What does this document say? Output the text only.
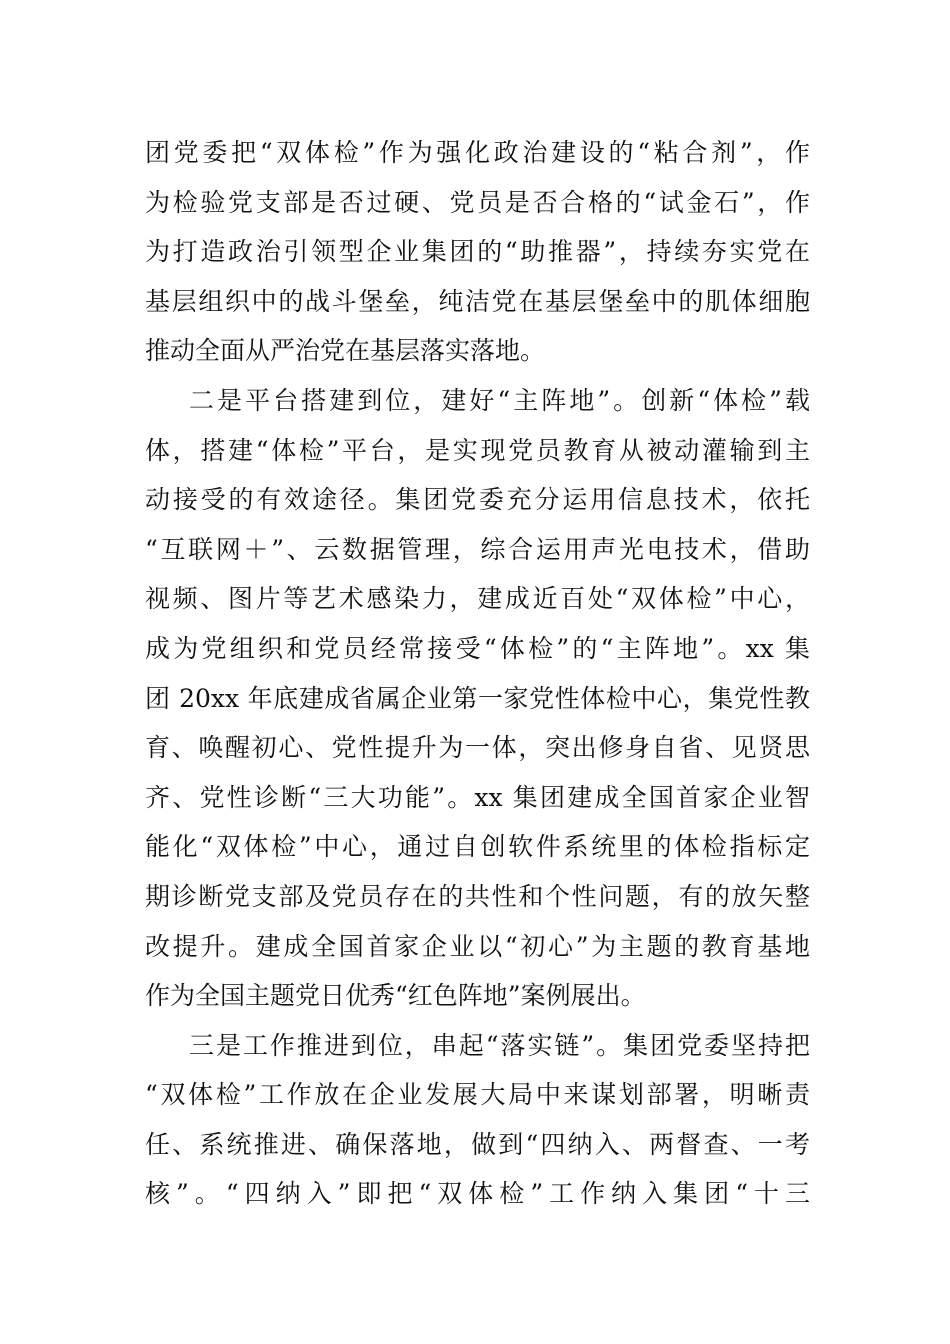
团党委把“双体检”作为强化政治建设的“粘合剂”，作
为检验党支部是否过硬、党员是否合格的“试金石”，作
为打造政治引领型企业集团的“助推器”，持续夯实党在
基层组织中的战斗堡垒，纯洁党在基层堡垒中的肌体细胞
推动全面从严治党在基层落实落地。
二是平台搭建到位，建好“主阵地”。创新“体检”载
体，搭建“体检”平台，是实现党员教育从被动灌输到主
动接受的有效途径。集团党委充分运用信息技术，依托
“互联网＋”、云数据管理，综合运用声光电技术，借助
视频、图片等艺术感染力，建成近百处“双体检”中心，
成为党组织和党员经常接受“体检”的“主阵地”。xx 集
团 20xx 年底建成省属企业第一家党性体检中心，集党性教
育、唤醒初心、党性提升为一体，突出修身自省、见贤思
齐、党性诊断“三大功能”。xx 集团建成全国首家企业智
能化“双体检”中心，通过自创软件系统里的体检指标定
期诊断党支部及党员存在的共性和个性问题，有的放矢整
改提升。建成全国首家企业以“初心”为主题的教育基地
作为全国主题党日优秀“红色阵地”案例展出。
三是工作推进到位，串起“落实链”。集团党委坚持把
“双体检”工作放在企业发展大局中来谋划部署，明晰责
任、系统推进、确保落地，做到“四纳入、两督查、一考
核”。“四纳入”即把“双体检”工作纳入集团“十三
